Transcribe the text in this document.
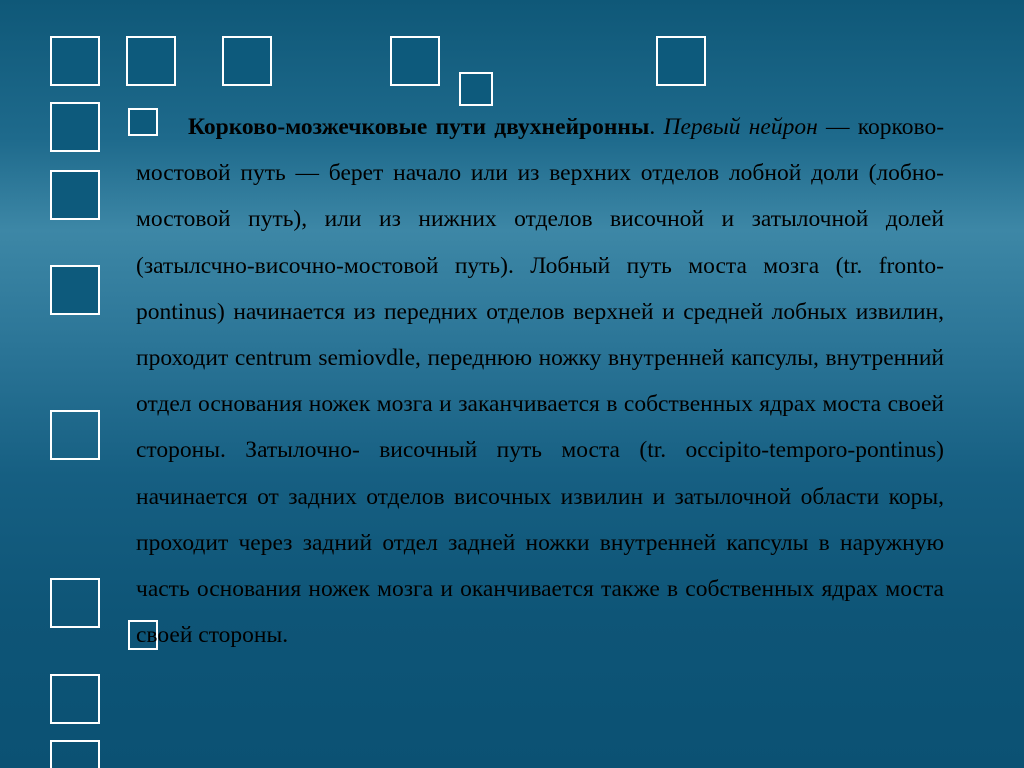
Корково-мозжечковые пути двухнейронны. Первый нейрон — корково-мостовой путь — берет начало или из верхних отделов лобной доли (лобно-мостовой путь), или из нижних отделов височной и затылочной долей (затылсчно-височно-мостовой путь). Лобный путь моста мозга (tr. fronto-pontinus) начинается из передних отделов верхней и средней лобных извилин, проходит centrum semiovdle, переднюю ножку внутренней капсулы, внутренний отдел основания ножек мозга и заканчивается в собственных ядрах моста своей стороны. Затылочно- височный путь моста (tr. occipito-temporo-pontinus) начинается от задних отделов височных извилин и затылочной области коры, проходит через задний отдел задней ножки внутренней капсулы в наружную часть основания ножек мозга и оканчивается также в собственных ядрах моста своей стороны.
